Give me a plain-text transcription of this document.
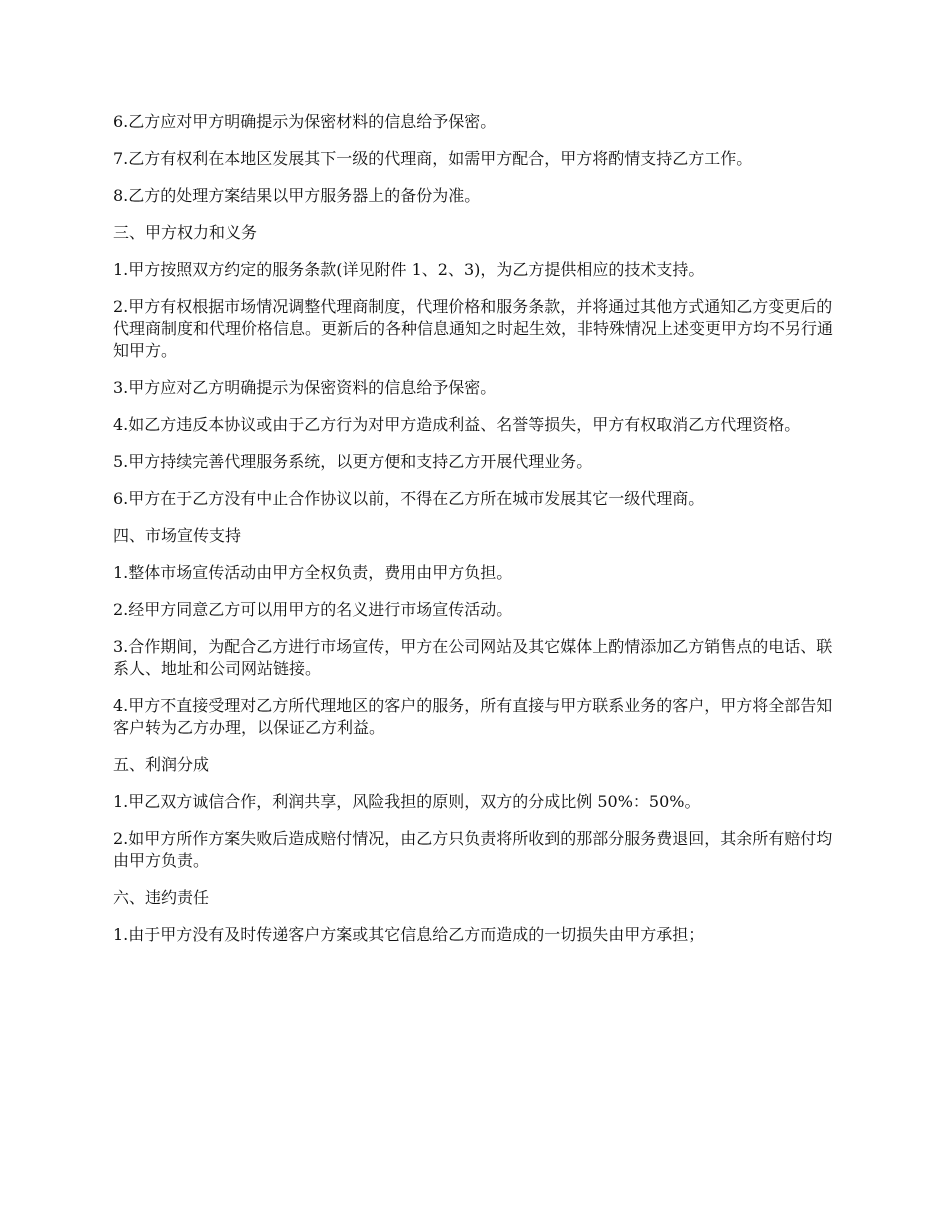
6.乙方应对甲方明确提示为保密材料的信息给予保密。

7.乙方有权利在本地区发展其下一级的代理商，如需甲方配合，甲方将酌情支持乙方工作。

8.乙方的处理方案结果以甲方服务器上的备份为准。

三、甲方权力和义务

1.甲方按照双方约定的服务条款(详见附件 1、2、3)，为乙方提供相应的技术支持。

2.甲方有权根据市场情况调整代理商制度，代理价格和服务条款，并将通过其他方式通知乙方变更后的代理商制度和代理价格信息。更新后的各种信息通知之时起生效，非特殊情况上述变更甲方均不另行通知甲方。

3.甲方应对乙方明确提示为保密资料的信息给予保密。

4.如乙方违反本协议或由于乙方行为对甲方造成利益、名誉等损失，甲方有权取消乙方代理资格。

5.甲方持续完善代理服务系统，以更方便和支持乙方开展代理业务。

6.甲方在于乙方没有中止合作协议以前，不得在乙方所在城市发展其它一级代理商。

四、市场宣传支持

1.整体市场宣传活动由甲方全权负责，费用由甲方负担。

2.经甲方同意乙方可以用甲方的名义进行市场宣传活动。

3.合作期间，为配合乙方进行市场宣传，甲方在公司网站及其它媒体上酌情添加乙方销售点的电话、联系人、地址和公司网站链接。

4.甲方不直接受理对乙方所代理地区的客户的服务，所有直接与甲方联系业务的客户，甲方将全部告知客户转为乙方办理，以保证乙方利益。

五、利润分成

1.甲乙双方诚信合作，利润共享，风险我担的原则，双方的分成比例 50%：50%。

2.如甲方所作方案失败后造成赔付情况，由乙方只负责将所收到的那部分服务费退回，其余所有赔付均由甲方负责。

六、违约责任

1.由于甲方没有及时传递客户方案或其它信息给乙方而造成的一切损失由甲方承担；
